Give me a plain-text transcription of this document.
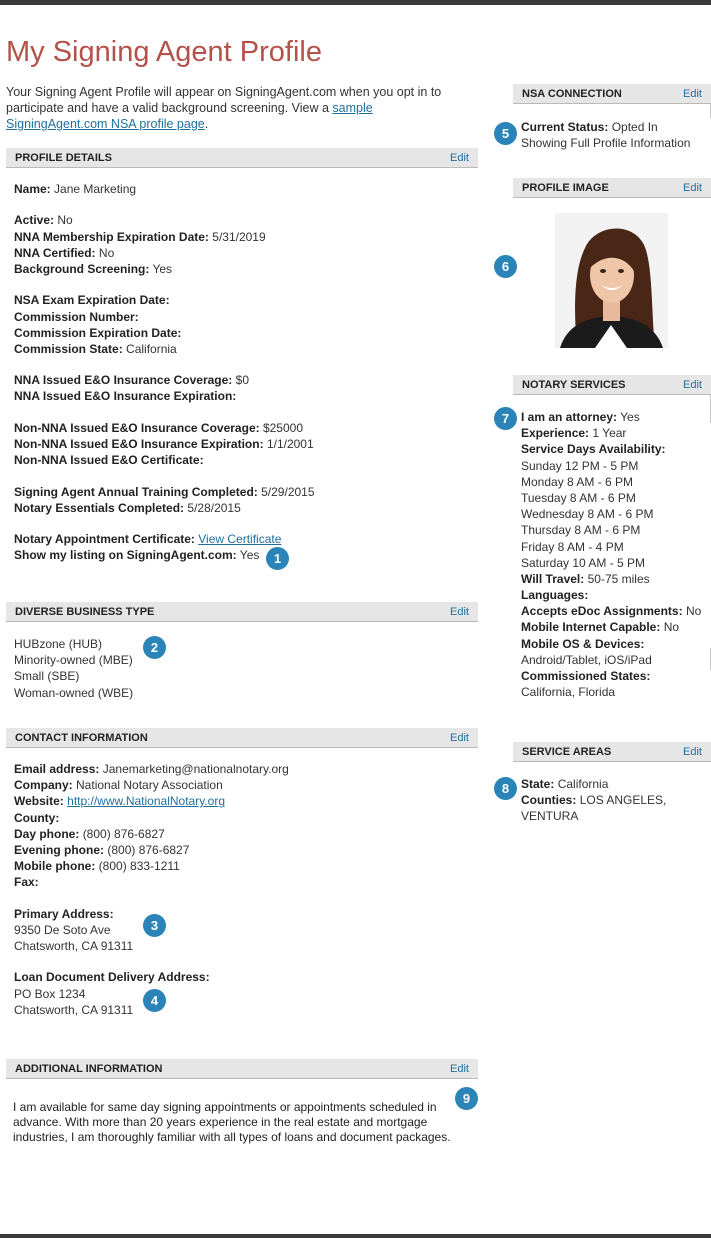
My Signing Agent Profile
Your Signing Agent Profile will appear on SigningAgent.com when you opt in to participate and have a valid background screening. View a sample SigningAgent.com NSA profile page.
PROFILE DETAILS	Edit
Name: Jane Marketing
Active: No
NNA Membership Expiration Date: 5/31/2019
NNA Certified: No
Background Screening: Yes
NSA Exam Expiration Date:
Commission Number:
Commission Expiration Date:
Commission State: California
NNA Issued E&O Insurance Coverage: $0
NNA Issued E&O Insurance Expiration:
Non-NNA Issued E&O Insurance Coverage: $25000
Non-NNA Issued E&O Insurance Expiration: 1/1/2001
Non-NNA Issued E&O Certificate:
Signing Agent Annual Training Completed: 5/29/2015
Notary Essentials Completed: 5/28/2015
Notary Appointment Certificate: View Certificate
Show my listing on SigningAgent.com: Yes
DIVERSE BUSINESS TYPE	Edit
HUBzone (HUB)
Minority-owned (MBE)
Small (SBE)
Woman-owned (WBE)
CONTACT INFORMATION	Edit
Email address: Janemarketing@nationalnotary.org
Company: National Notary Association
Website: http://www.NationalNotary.org
County:
Day phone: (800) 876-6827
Evening phone: (800) 876-6827
Mobile phone: (800) 833-1211
Fax:
Primary Address:
9350 De Soto Ave
Chatsworth, CA 91311
Loan Document Delivery Address:
PO Box 1234
Chatsworth, CA 91311
ADDITIONAL INFORMATION	Edit
I am available for same day signing appointments or appointments scheduled in advance. With more than 20 years experience in the real estate and mortgage industries, I am thoroughly familiar with all types of loans and document packages.
NSA CONNECTION	Edit
Current Status: Opted In
Showing Full Profile Information
PROFILE IMAGE	Edit
NOTARY SERVICES	Edit
I am an attorney: Yes
Experience: 1 Year
Service Days Availability:
Sunday 12 PM - 5 PM
Monday 8 AM - 6 PM
Tuesday 8 AM - 6 PM
Wednesday 8 AM - 6 PM
Thursday 8 AM - 6 PM
Friday 8 AM - 4 PM
Saturday 10 AM - 5 PM
Will Travel: 50-75 miles
Languages:
Accepts eDoc Assignments: No
Mobile Internet Capable: No
Mobile OS & Devices:
Android/Tablet, iOS/iPad
Commissioned States:
California, Florida
SERVICE AREAS	Edit
State: California
Counties: LOS ANGELES,
VENTURA
1
2
3
4
5
6
7
8
9
